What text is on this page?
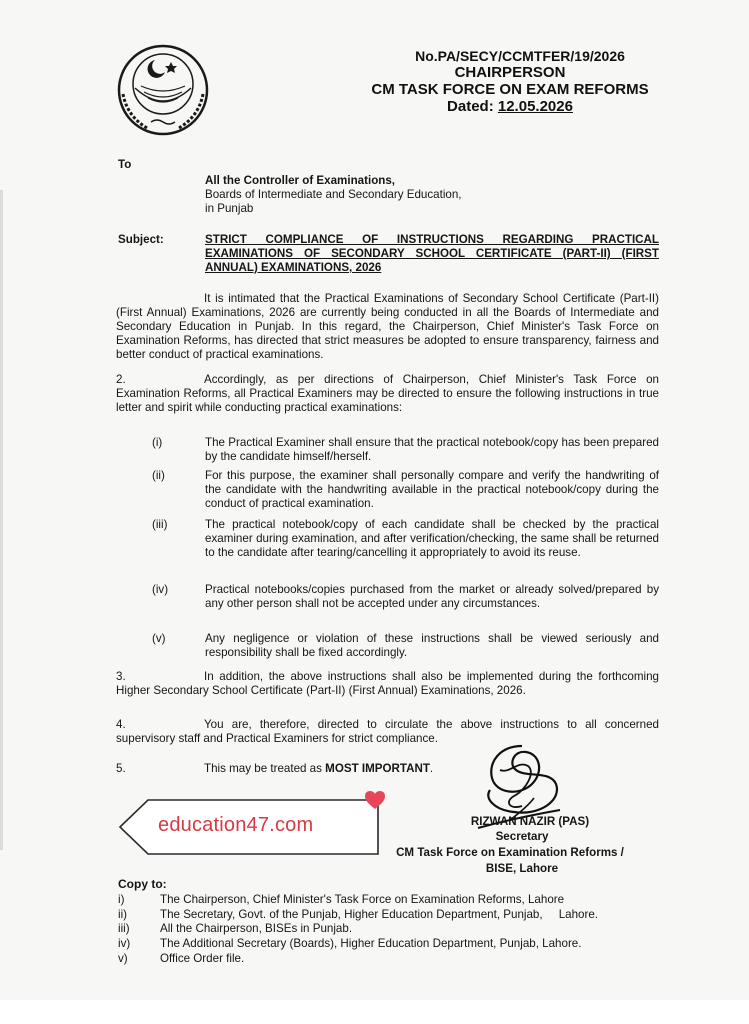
No.PA/SECY/CCMTFER/19/2026
CHAIRPERSON
CM TASK FORCE ON EXAM REFORMS
Dated: 12.05.2026
To
All the Controller of Examinations,
Boards of Intermediate and Secondary Education,
in Punjab
Subject:	STRICT COMPLIANCE OF INSTRUCTIONS REGARDING PRACTICAL EXAMINATIONS OF SECONDARY SCHOOL CERTIFICATE (PART-II) (FIRST ANNUAL) EXAMINATIONS, 2026
It is intimated that the Practical Examinations of Secondary School Certificate (Part-II) (First Annual) Examinations, 2026 are currently being conducted in all the Boards of Intermediate and Secondary Education in Punjab. In this regard, the Chairperson, Chief Minister's Task Force on Examination Reforms, has directed that strict measures be adopted to ensure transparency, fairness and better conduct of practical examinations.
2.	Accordingly, as per directions of Chairperson, Chief Minister's Task Force on Examination Reforms, all Practical Examiners may be directed to ensure the following instructions in true letter and spirit while conducting practical examinations:
(i)	The Practical Examiner shall ensure that the practical notebook/copy has been prepared by the candidate himself/herself.
(ii)	For this purpose, the examiner shall personally compare and verify the handwriting of the candidate with the handwriting available in the practical notebook/copy during the conduct of practical examination.
(iii)	The practical notebook/copy of each candidate shall be checked by the practical examiner during examination, and after verification/checking, the same shall be returned to the candidate after tearing/cancelling it appropriately to avoid its reuse.
(iv)	Practical notebooks/copies purchased from the market or already solved/prepared by any other person shall not be accepted under any circumstances.
(v)	Any negligence or violation of these instructions shall be viewed seriously and responsibility shall be fixed accordingly.
3.	In addition, the above instructions shall also be implemented during the forthcoming Higher Secondary School Certificate (Part-II) (First Annual) Examinations, 2026.
4.	You are, therefore, directed to circulate the above instructions to all concerned supervisory staff and Practical Examiners for strict compliance.
5.	This may be treated as MOST IMPORTANT.
RIZWAN NAZIR (PAS)
Secretary
CM Task Force on Examination Reforms /
BISE, Lahore
education47.com
Copy to:
i)	The Chairperson, Chief Minister's Task Force on Examination Reforms, Lahore
ii)	The Secretary, Govt. of the Punjab, Higher Education Department, Punjab,     Lahore.
iii)	All the Chairperson, BISEs in Punjab.
iv)	The Additional Secretary (Boards), Higher Education Department, Punjab, Lahore.
v)	Office Order file.
